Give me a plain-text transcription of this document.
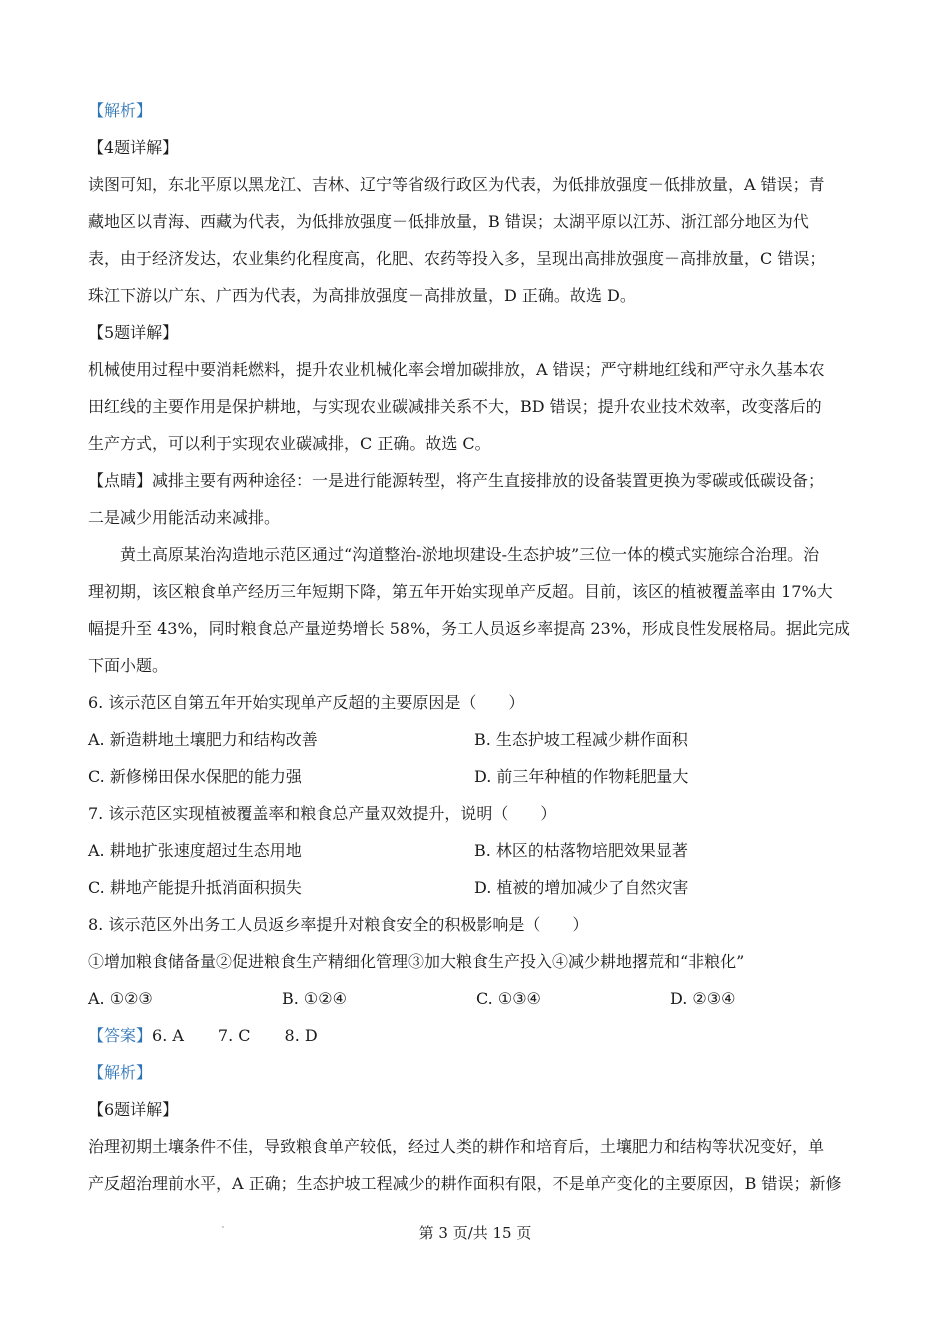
【解析】
【4题详解】
读图可知，东北平原以黑龙江、吉林、辽宁等省级行政区为代表，为低排放强度－低排放量，A 错误；青
藏地区以青海、西藏为代表，为低排放强度－低排放量，B 错误；太湖平原以江苏、浙江部分地区为代
表，由于经济发达，农业集约化程度高，化肥、农药等投入多，呈现出高排放强度－高排放量，C 错误；
珠江下游以广东、广西为代表，为高排放强度－高排放量，D 正确。故选 D。
【5题详解】
机械使用过程中要消耗燃料，提升农业机械化率会增加碳排放，A 错误；严守耕地红线和严守永久基本农
田红线的主要作用是保护耕地，与实现农业碳减排关系不大，BD 错误；提升农业技术效率，改变落后的
生产方式，可以利于实现农业碳减排，C 正确。故选 C。
【点睛】减排主要有两种途径：一是进行能源转型，将产生直接排放的设备装置更换为零碳或低碳设备；
二是减少用能活动来减排。
黄土高原某治沟造地示范区通过“沟道整治-淤地坝建设-生态护坡”三位一体的模式实施综合治理。治
理初期，该区粮食单产经历三年短期下降，第五年开始实现单产反超。目前，该区的植被覆盖率由 17%大
幅提升至 43%，同时粮食总产量逆势增长 58%，务工人员返乡率提高 23%，形成良性发展格局。据此完成
下面小题。
6. 该示范区自第五年开始实现单产反超的主要原因是（　　）
A. 新造耕地土壤肥力和结构改善	B. 生态护坡工程减少耕作面积
C. 新修梯田保水保肥的能力强	D. 前三年种植的作物耗肥量大
7. 该示范区实现植被覆盖率和粮食总产量双效提升，说明（　　）
A. 耕地扩张速度超过生态用地	B. 林区的枯落物培肥效果显著
C. 耕地产能提升抵消面积损失	D. 植被的增加减少了自然灾害
8. 该示范区外出务工人员返乡率提升对粮食安全的积极影响是（　　）
①增加粮食储备量②促进粮食生产精细化管理③加大粮食生产投入④减少耕地撂荒和“非粮化”
A. ①②③	B. ①②④	C. ①③④	D. ②③④
【答案】6. A 7. C 8. D
【解析】
【6题详解】
治理初期土壤条件不佳，导致粮食单产较低，经过人类的耕作和培育后，土壤肥力和结构等状况变好，单
产反超治理前水平，A 正确；生态护坡工程减少的耕作面积有限，不是单产变化的主要原因，B 错误；新修
第 3 页/共 15 页
